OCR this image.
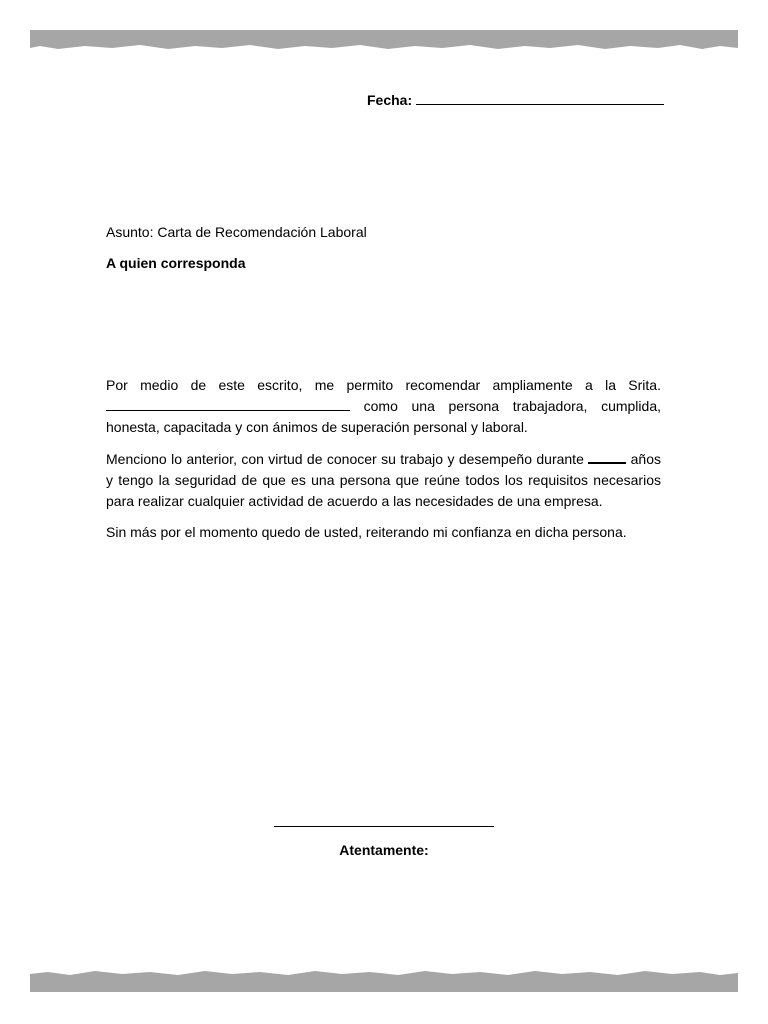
Fecha:
Asunto: Carta de Recomendación Laboral
A quien corresponda

Por medio de este escrito, me permito recomendar ampliamente a la Srita.  como una persona trabajadora, cumplida, honesta, capacitada y con ánimos de superación personal y laboral.

Menciono lo anterior, con virtud de conocer su trabajo y desempeño durante	años y tengo la seguridad de que es una persona que reúne todos los requisitos necesarios para realizar cualquier actividad de acuerdo a las necesidades de una empresa.

Sin más por el momento quedo de usted, reiterando mi confianza en dicha persona.

Atentamente:
